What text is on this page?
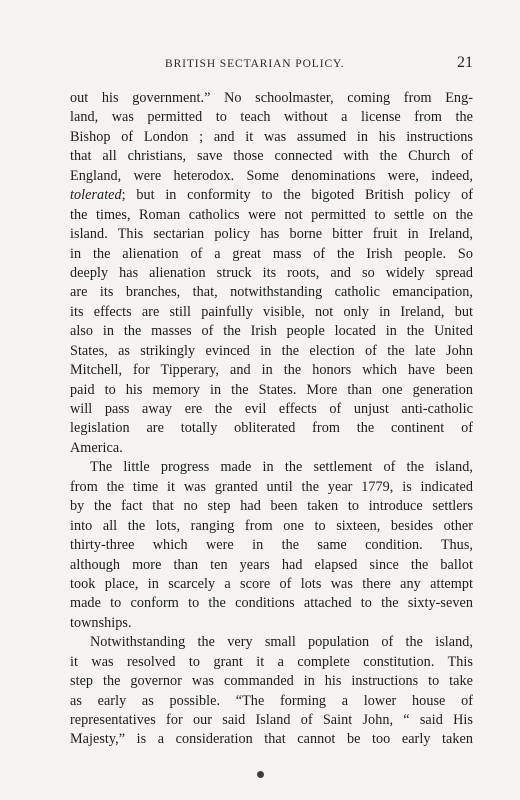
BRITISH SECTARIAN POLICY.	21
out his government.” No schoolmaster, coming from Eng-
land, was permitted to teach without a license from the
Bishop of London ; and it was assumed in his instructions
that all christians, save those connected with the Church of
England, were heterodox. Some denominations were, indeed,
tolerated; but in conformity to the bigoted British policy of
the times, Roman catholics were not permitted to settle on the
island. This sectarian policy has borne bitter fruit in Ireland,
in the alienation of a great mass of the Irish people. So
deeply has alienation struck its roots, and so widely spread
are its branches, that, notwithstanding catholic emancipation,
its effects are still painfully visible, not only in Ireland, but
also in the masses of the Irish people located in the United
States, as strikingly evinced in the election of the late John
Mitchell, for Tipperary, and in the honors which have been
paid to his memory in the States. More than one generation
will pass away ere the evil effects of unjust anti-catholic
legislation are totally obliterated from the continent of
America.
The little progress made in the settlement of the island,
from the time it was granted until the year 1779, is indicated
by the fact that no step had been taken to introduce settlers
into all the lots, ranging from one to sixteen, besides other
thirty-three which were in the same condition. Thus,
although more than ten years had elapsed since the ballot
took place, in scarcely a score of lots was there any attempt
made to conform to the conditions attached to the sixty-seven
townships.
Notwithstanding the very small population of the island,
it was resolved to grant it a complete constitution. This
step the governor was commanded in his instructions to take
as early as possible. “The forming a lower house of
representatives for our said Island of Saint John, “ said His
Majesty,” is a consideration that cannot be too early taken
